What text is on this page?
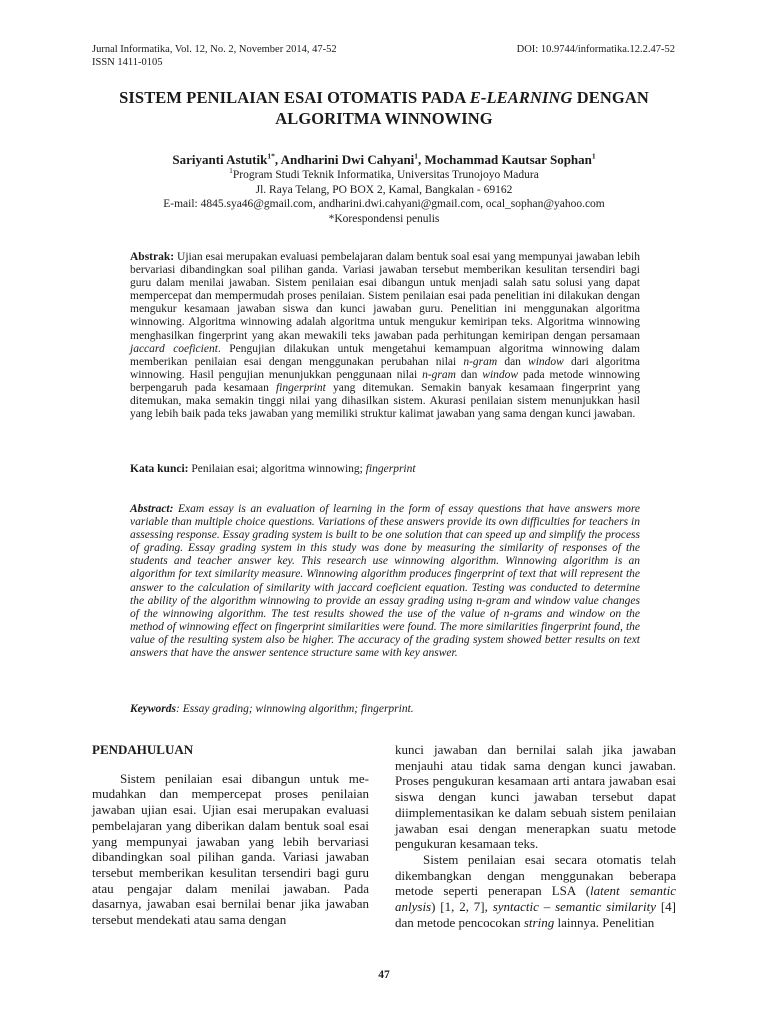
Jurnal Informatika, Vol. 12, No. 2, November 2014, 47-52
ISSN 1411-0105
DOI: 10.9744/informatika.12.2.47-52
SISTEM PENILAIAN ESAI OTOMATIS PADA E-LEARNING DENGAN
ALGORITMA WINNOWING
Sariyanti Astutik$^{1*}$, Andharini Dwi Cahyani$^1$, Mochammad Kautsar Sophan$^1$
$^1$Program Studi Teknik Informatika, Universitas Trunojoyo Madura
Jl. Raya Telang, PO BOX 2, Kamal, Bangkalan - 69162
E-mail: 4845.sya46@gmail.com, andharini.dwi.cahyani@gmail.com, ocal_sophan@yahoo.com
*Korespondensi penulis
Abstrak: Ujian esai merupakan evaluasi pembelajaran dalam bentuk soal esai yang mempunyai jawaban lebih bervariasi dibandingkan soal pilihan ganda. Variasi jawaban tersebut memberikan kesulitan tersendiri bagi guru dalam menilai jawaban. Sistem penilaian esai dibangun untuk menjadi salah satu solusi yang dapat mempercepat dan mempermudah proses penilaian. Sistem penilaian esai pada penelitian ini dilakukan dengan mengukur kesamaan jawaban siswa dan kunci jawaban guru. Penelitian ini menggunakan algoritma winnowing. Algoritma winnowing adalah algoritma untuk mengukur kemiripan teks. Algoritma winnowing menghasilkan fingerprint yang akan mewakili teks jawaban pada perhitungan kemiripan dengan persamaan jaccard coeficient. Pengujian dilakukan untuk mengetahui kemampuan algoritma winnowing dalam memberikan penilaian esai dengan menggunakan perubahan nilai n-gram dan window dari algoritma winnowing. Hasil pengujian menunjukkan penggunaan nilai n-gram dan window pada metode winnowing berpengaruh pada kesamaan fingerprint yang ditemukan. Semakin banyak kesamaan fingerprint yang ditemukan, maka semakin tinggi nilai yang dihasilkan sistem. Akurasi penilaian sistem menunjukkan hasil yang lebih baik pada teks jawaban yang memiliki struktur kalimat jawaban yang sama dengan kunci jawaban.
Kata kunci: Penilaian esai; algoritma winnowing; fingerprint
Abstract: Exam essay is an evaluation of learning in the form of essay questions that have answers more variable than multiple choice questions. Variations of these answers provide its own difficulties for teachers in assessing response. Essay grading system is built to be one solution that can speed up and simplify the process of grading. Essay grading system in this study was done by measuring the similarity of responses of the students and teacher answer key. This research use winnowing algorithm. Winnowing algorithm is an algorithm for text similarity measure. Winnowing algorithm produces fingerprint of text that will represent the answer to the calculation of similarity with jaccard coeficient equation. Testing was conducted to determine the ability of the algorithm winnowing to provide an essay grading using n-gram and window value changes of the winnowing algorithm. The test results showed the use of the value of n-grams and window on the method of winnowing effect on fingerprint similarities were found. The more similarities fingerprint found, the value of the resulting system also be higher. The accuracy of the grading system showed better results on text answers that have the answer sentence structure same with key answer.
Keywords: Essay grading; winnowing algorithm; fingerprint.
PENDAHULUAN

Sistem penilaian esai dibangun untuk me-mudahkan dan mempercepat proses penilaian jawaban ujian esai. Ujian esai merupakan evaluasi pembelajaran yang diberikan dalam bentuk soal esai yang mempunyai jawaban yang lebih bervariasi dibandingkan soal pilihan ganda. Variasi jawaban tersebut memberikan kesulitan tersendiri bagi guru atau pengajar dalam menilai jawaban. Pada dasarnya, jawaban esai bernilai benar jika jawaban tersebut mendekati atau sama dengan

kunci jawaban dan bernilai salah jika jawaban menjauhi atau tidak sama dengan kunci jawaban. Proses pengukuran kesamaan arti antara jawaban esai siswa dengan kunci jawaban tersebut dapat diimplementasikan ke dalam sebuah sistem penilaian jawaban esai dengan menerapkan suatu metode pengukuran kesamaan teks.

Sistem penilaian esai secara otomatis telah dikembangkan dengan menggunakan beberapa metode seperti penerapan LSA (latent semantic anlysis) [1, 2, 7], syntactic – semantic similarity [4] dan metode pencocokan string lainnya. Penelitian

47
